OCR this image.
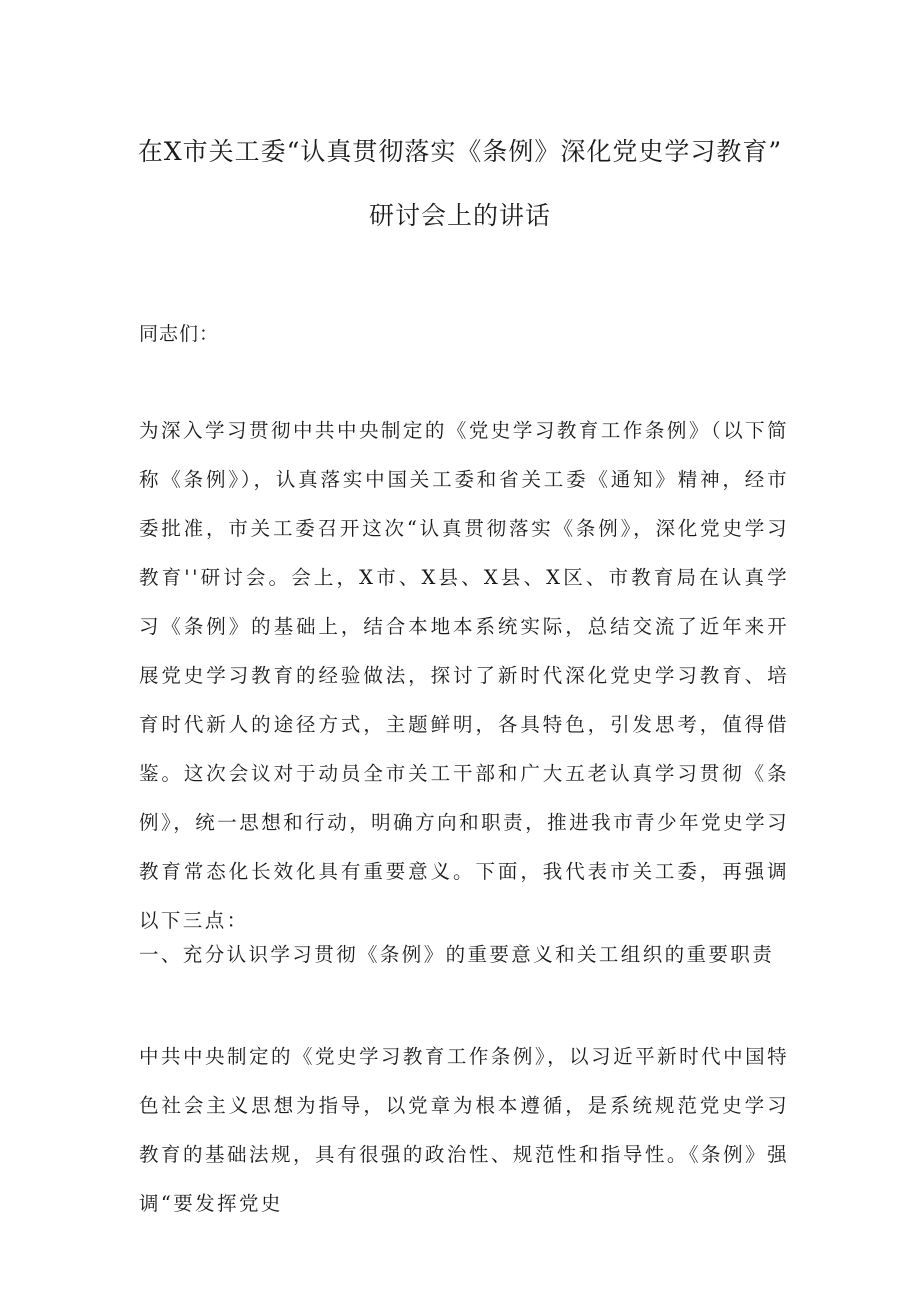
在X市关工委“认真贯彻落实《条例》深化党史学习教育”
研讨会上的讲话

同志们：

为深入学习贯彻中共中央制定的《党史学习教育工作条例》（以下简称《条例》），认真落实中国关工委和省关工委《通知》精神，经市委批准，市关工委召开这次“认真贯彻落实《条例》，深化党史学习教育''研讨会。会上，X市、X县、X县、X区、市教育局在认真学习《条例》的基础上，结合本地本系统实际，总结交流了近年来开展党史学习教育的经验做法，探讨了新时代深化党史学习教育、培育时代新人的途径方式，主题鲜明，各具特色，引发思考，值得借鉴。这次会议对于动员全市关工干部和广大五老认真学习贯彻《条例》，统一思想和行动，明确方向和职责，推进我市青少年党史学习教育常态化长效化具有重要意义。下面，我代表市关工委，再强调以下三点：

一、充分认识学习贯彻《条例》的重要意义和关工组织的重要职责

中共中央制定的《党史学习教育工作条例》，以习近平新时代中国特色社会主义思想为指导，以党章为根本遵循，是系统规范党史学习教育的基础法规，具有很强的政治性、规范性和指导性。《条例》强调“要发挥党史
